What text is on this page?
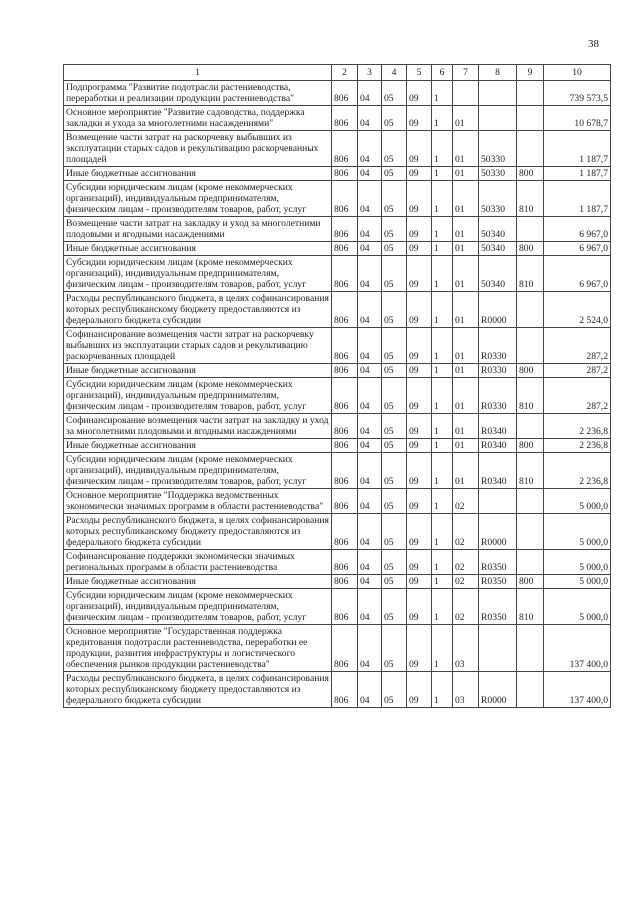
38
1	2	3	4	5	6	7	8	9	10
Подпрограмма "Развитие подотрасли растениеводства, переработки и реализации продукции растениеводства"	806	04	05	09	1				739 573,5
Основное мероприятие "Развитие садоводства, поддержка закладки и ухода за многолетними насаждениями"	806	04	05	09	1	01			10 678,7
Возмещение части затрат на раскорчевку выбывших из эксплуатации старых садов и рекультивацию раскорчеванных площадей	806	04	05	09	1	01	50330		1 187,7
Иные бюджетные ассигнования	806	04	05	09	1	01	50330	800	1 187,7
Субсидии юридическим лицам (кроме некоммерческих организаций), индивидуальным предпринимателям, физическим лицам - производителям товаров, работ, услуг	806	04	05	09	1	01	50330	810	1 187,7
Возмещение части затрат на закладку и уход за многолетними плодовыми и ягодными насаждениями	806	04	05	09	1	01	50340		6 967,0
Иные бюджетные ассигнования	806	04	05	09	1	01	50340	800	6 967,0
Субсидии юридическим лицам (кроме некоммерческих организаций), индивидуальным предпринимателям, физическим лицам - производителям товаров, работ, услуг	806	04	05	09	1	01	50340	810	6 967,0
Расходы республиканского бюджета, в целях софинансирования которых республиканскому бюджету предоставляются из федерального бюджета субсидии	806	04	05	09	1	01	R0000		2 524,0
Софинансирование возмещения части затрат на раскорчевку выбывших из эксплуатации старых садов и рекультивацию раскорчеванных площадей	806	04	05	09	1	01	R0330		287,2
Иные бюджетные ассигнования	806	04	05	09	1	01	R0330	800	287,2
Субсидии юридическим лицам (кроме некоммерческих организаций), индивидуальным предпринимателям, физическим лицам - производителям товаров, работ, услуг	806	04	05	09	1	01	R0330	810	287,2
Софинансирование возмещения части затрат на закладку и уход за многолетними плодовыми и ягодными насаждениями	806	04	05	09	1	01	R0340		2 236,8
Иные бюджетные ассигнования	806	04	05	09	1	01	R0340	800	2 236,8
Субсидии юридическим лицам (кроме некоммерческих организаций), индивидуальным предпринимателям, физическим лицам - производителям товаров, работ, услуг	806	04	05	09	1	01	R0340	810	2 236,8
Основное мероприятие "Поддержка ведомственных экономически значимых программ в области растениеводства"	806	04	05	09	1	02			5 000,0
Расходы республиканского бюджета, в целях софинансирования которых республиканскому бюджету предоставляются из федерального бюджета субсидии	806	04	05	09	1	02	R0000		5 000,0
Софинансирование поддержки экономически значимых региональных программ в области растениеводства	806	04	05	09	1	02	R0350		5 000,0
Иные бюджетные ассигнования	806	04	05	09	1	02	R0350	800	5 000,0
Субсидии юридическим лицам (кроме некоммерческих организаций), индивидуальным предпринимателям, физическим лицам - производителям товаров, работ, услуг	806	04	05	09	1	02	R0350	810	5 000,0
Основное мероприятие "Государственная поддержка кредитования подотрасли растениеводства, переработки ее продукции, развития инфраструктуры и логистического обеспечения рынков продукции растениеводства"	806	04	05	09	1	03			137 400,0
Расходы республиканского бюджета, в целях софинансирования которых республиканскому бюджету предоставляются из федерального бюджета субсидии	806	04	05	09	1	03	R0000		137 400,0
